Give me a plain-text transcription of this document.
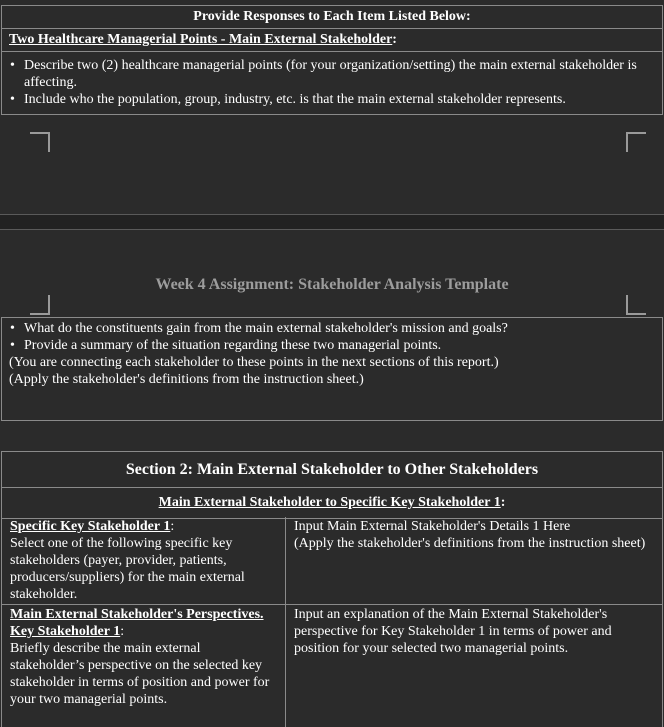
Provide Responses to Each Item Listed Below:
Two Healthcare Managerial Points - Main External Stakeholder:
• Describe two (2) healthcare managerial points (for your organization/setting) the main external stakeholder is affecting.
• Include who the population, group, industry, etc. is that the main external stakeholder represents.
Week 4 Assignment: Stakeholder Analysis Template
• What do the constituents gain from the main external stakeholder's mission and goals?
• Provide a summary of the situation regarding these two managerial points.
(You are connecting each stakeholder to these points in the next sections of this report.)
(Apply the stakeholder's definitions from the instruction sheet.)
Section 2: Main External Stakeholder to Other Stakeholders
Main External Stakeholder to Specific Key Stakeholder 1:
Specific Key Stakeholder 1:
Select one of the following specific key stakeholders (payer, provider, patients, producers/suppliers) for the main external stakeholder.
Input Main External Stakeholder's Details 1 Here
(Apply the stakeholder's definitions from the instruction sheet)
Main External Stakeholder's Perspectives. Key Stakeholder 1:
Briefly describe the main external stakeholder’s perspective on the selected key stakeholder in terms of position and power for your two managerial points.
Input an explanation of the Main External Stakeholder's perspective for Key Stakeholder 1 in terms of power and position for your selected two managerial points.
